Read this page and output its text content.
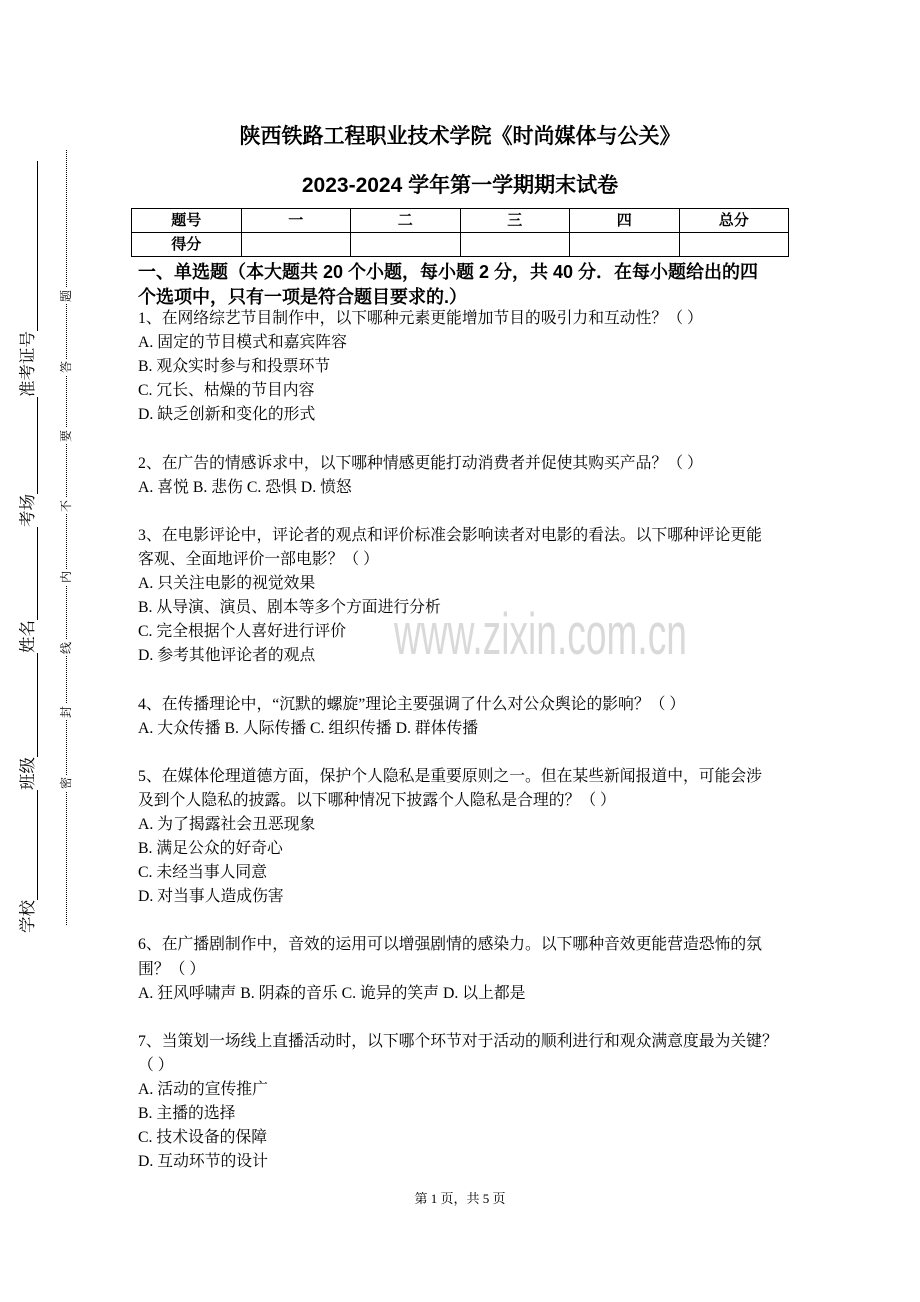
学校
班级
姓名
考场
准考证号
密
封
线
内
不
要
答
题
陕西铁路工程职业技术学院《时尚媒体与公关》
2023-2024 学年第一学期期末试卷
题号	一	二	三	四	总分
得分					
一、单选题（本大题共 20 个小题，每小题 2 分，共 40 分．在每小题给出的四
个选项中，只有一项是符合题目要求的.）
1、在网络综艺节目制作中，以下哪种元素更能增加节目的吸引力和互动性？（ ）
A. 固定的节目模式和嘉宾阵容
B. 观众实时参与和投票环节
C. 冗长、枯燥的节目内容
D. 缺乏创新和变化的形式
2、在广告的情感诉求中，以下哪种情感更能打动消费者并促使其购买产品？（ ）
A. 喜悦 B. 悲伤 C. 恐惧 D. 愤怒
3、在电影评论中，评论者的观点和评价标准会影响读者对电影的看法。以下哪种评论更能
客观、全面地评价一部电影？（ ）
A. 只关注电影的视觉效果
B. 从导演、演员、剧本等多个方面进行分析
C. 完全根据个人喜好进行评价
D. 参考其他评论者的观点
4、在传播理论中，“沉默的螺旋”理论主要强调了什么对公众舆论的影响？（ ）
A. 大众传播 B. 人际传播 C. 组织传播 D. 群体传播
5、在媒体伦理道德方面，保护个人隐私是重要原则之一。但在某些新闻报道中，可能会涉
及到个人隐私的披露。以下哪种情况下披露个人隐私是合理的？（ ）
A. 为了揭露社会丑恶现象
B. 满足公众的好奇心
C. 未经当事人同意
D. 对当事人造成伤害
6、在广播剧制作中，音效的运用可以增强剧情的感染力。以下哪种音效更能营造恐怖的氛
围？（ ）
A. 狂风呼啸声 B. 阴森的音乐 C. 诡异的笑声 D. 以上都是
7、当策划一场线上直播活动时，以下哪个环节对于活动的顺利进行和观众满意度最为关键？
（ ）
A. 活动的宣传推广
B. 主播的选择
C. 技术设备的保障
D. 互动环节的设计
www.zixin.com.cn
第 1 页，共 5 页
